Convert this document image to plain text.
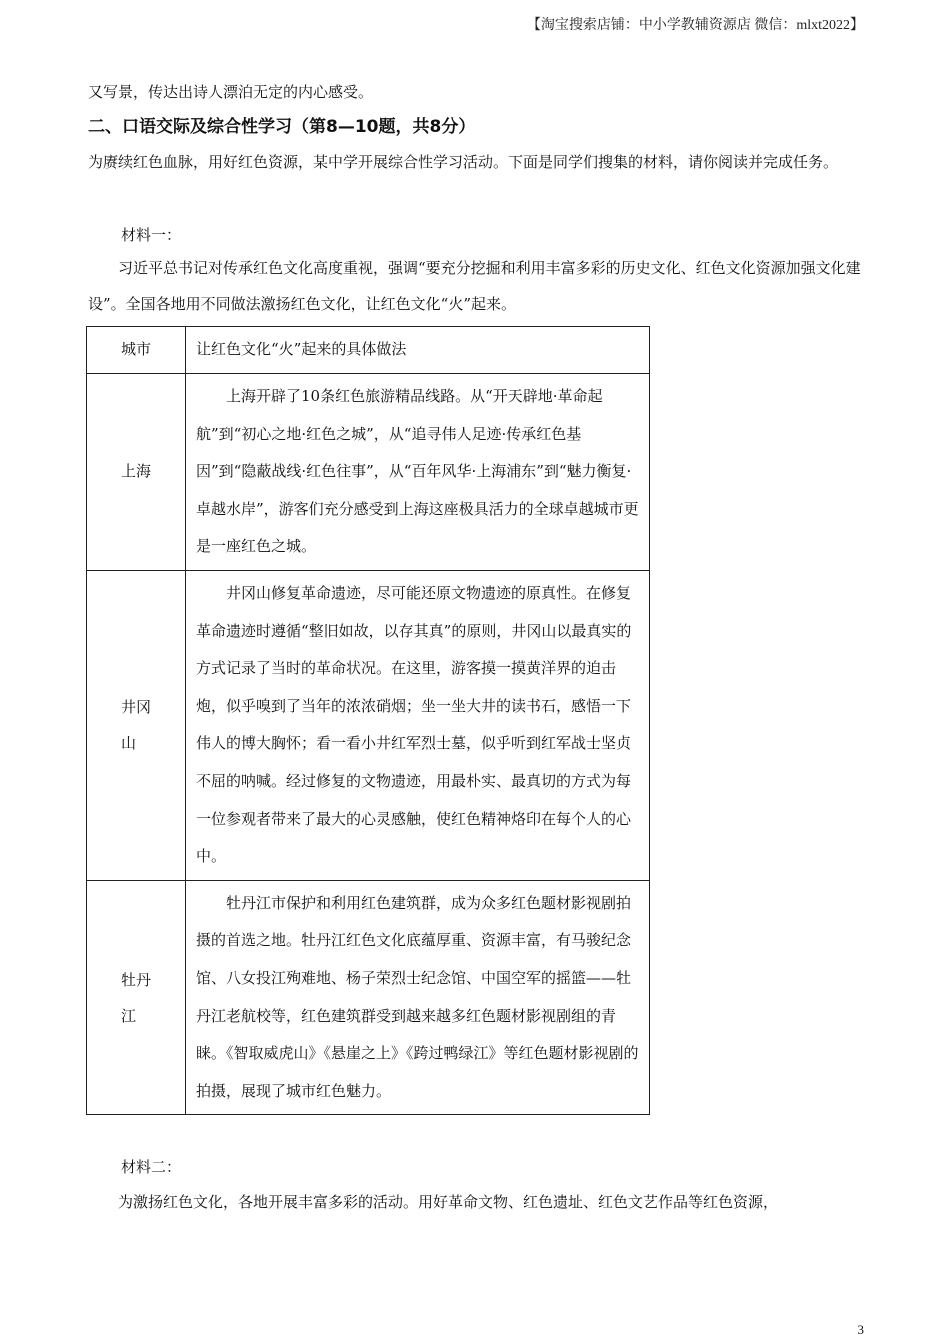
【淘宝搜索店铺：中小学教辅资源店 微信：mlxt2022】

又写景，传达出诗人漂泊无定的内心感受。

二、口语交际及综合性学习（第8—10题，共8分）

为赓续红色血脉，用好红色资源，某中学开展综合性学习活动。下面是同学们搜集的材料，请你阅读并完成任务。

材料一：

习近平总书记对传承红色文化高度重视，强调“要充分挖掘和利用丰富多彩的历史文化、红色文化资源加强文化建设”。全国各地用不同做法激扬红色文化，让红色文化“火”起来。

城市	让红色文化“火”起来的具体做法
上海	上海开辟了10条红色旅游精品线路。从“开天辟地·革命起航”到“初心之地·红色之城”，从“追寻伟人足迹·传承红色基因”到“隐蔽战线·红色往事”，从“百年风华·上海浦东”到“魅力衡复·卓越水岸”，游客们充分感受到上海这座极具活力的全球卓越城市更是一座红色之城。

井冈山	井冈山修复革命遗迹，尽可能还原文物遗迹的原真性。在修复革命遗迹时遵循“整旧如故，以存其真”的原则，井冈山以最真实的方式记录了当时的革命状况。在这里，游客摸一摸黄洋界的迫击炮，似乎嗅到了当年的浓浓硝烟；坐一坐大井的读书石，感悟一下伟人的博大胸怀；看一看小井红军烈士墓，似乎听到红军战士坚贞不屈的呐喊。经过修复的文物遗迹，用最朴实、最真切的方式为每一位参观者带来了最大的心灵感触，使红色精神烙印在每个人的心中。

牡丹江	牡丹江市保护和利用红色建筑群，成为众多红色题材影视剧拍摄的首选之地。牡丹江红色文化底蕴厚重、资源丰富，有马骏纪念馆、八女投江殉难地、杨子荣烈士纪念馆、中国空军的摇篮——牡丹江老航校等，红色建筑群受到越来越多红色题材影视剧组的青睐。《智取威虎山》《悬崖之上》《跨过鸭绿江》等红色题材影视剧的拍摄，展现了城市红色魅力。
材料二：

为激扬红色文化，各地开展丰富多彩的活动。用好革命文物、红色遗址、红色文艺作品等红色资源，

3
